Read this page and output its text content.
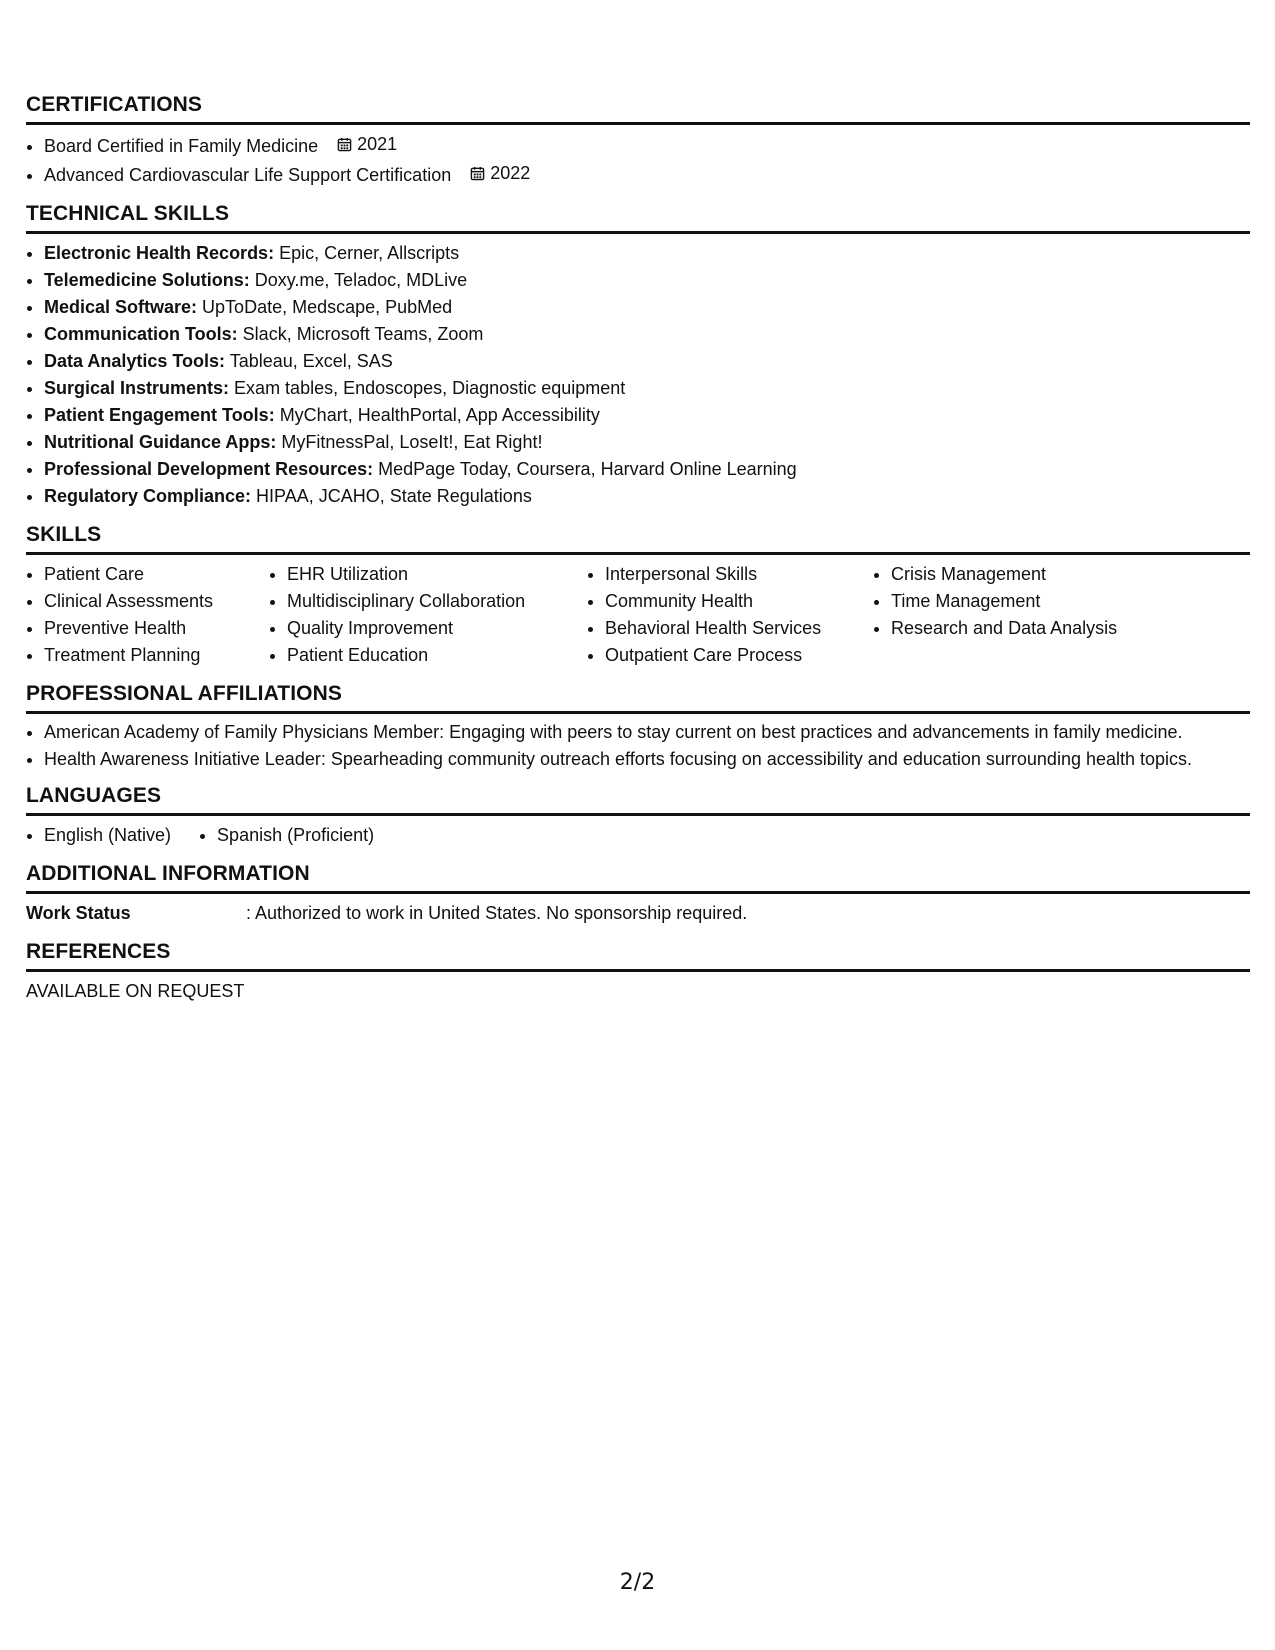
CERTIFICATIONS
• Board Certified in Family Medicine 2021
• Advanced Cardiovascular Life Support Certification 2022
TECHNICAL SKILLS
• Electronic Health Records: Epic, Cerner, Allscripts
• Telemedicine Solutions: Doxy.me, Teladoc, MDLive
• Medical Software: UpToDate, Medscape, PubMed
• Communication Tools: Slack, Microsoft Teams, Zoom
• Data Analytics Tools: Tableau, Excel, SAS
• Surgical Instruments: Exam tables, Endoscopes, Diagnostic equipment
• Patient Engagement Tools: MyChart, HealthPortal, App Accessibility
• Nutritional Guidance Apps: MyFitnessPal, LoseIt!, Eat Right!
• Professional Development Resources: MedPage Today, Coursera, Harvard Online Learning
• Regulatory Compliance: HIPAA, JCAHO, State Regulations
SKILLS
• Patient Care
• Clinical Assessments
• Preventive Health
• Treatment Planning
• EHR Utilization
• Multidisciplinary Collaboration
• Quality Improvement
• Patient Education
• Interpersonal Skills
• Community Health
• Behavioral Health Services
• Outpatient Care Process
• Crisis Management
• Time Management
• Research and Data Analysis
PROFESSIONAL AFFILIATIONS
• American Academy of Family Physicians Member: Engaging with peers to stay current on best practices and advancements in family medicine.
• Health Awareness Initiative Leader: Spearheading community outreach efforts focusing on accessibility and education surrounding health topics.
LANGUAGES
• English (Native)
•	Spanish (Proficient)
ADDITIONAL INFORMATION
Work Status	: Authorized to work in United States. No sponsorship required.
REFERENCES
AVAILABLE ON REQUEST
2/2
